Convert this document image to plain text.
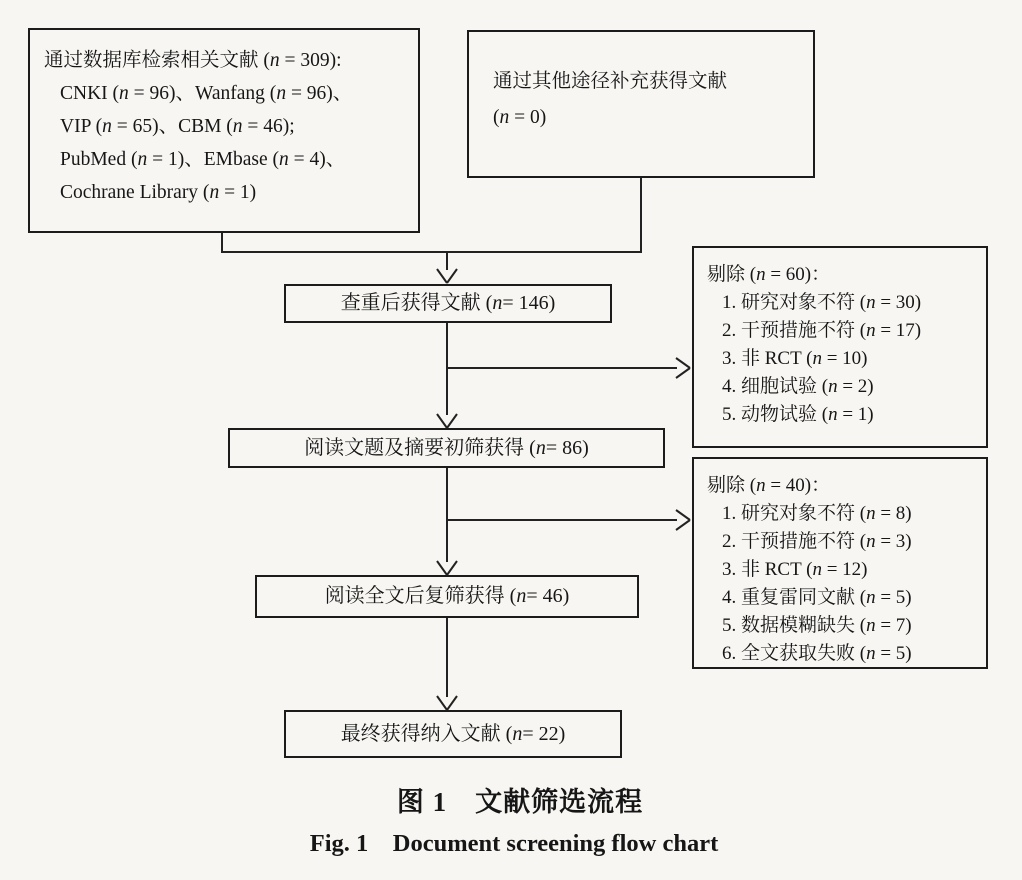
通过数据库检索相关文献 (n = 309):
CNKI (n = 96)、Wanfang (n = 96)、
VIP (n = 65)、CBM (n = 46);
PubMed (n = 1)、EMbase (n = 4)、
Cochrane Library (n = 1)
通过其他途径补充获得文献
(n = 0)
查重后获得文献 ( n = 146)
剔除 (n = 60)：
1. 研究对象不符 (n = 30)
2. 干预措施不符 (n = 17)
3. 非 RCT (n = 10)
4. 细胞试验 (n = 2)
5. 动物试验 (n = 1)
阅读文题及摘要初筛获得 ( n = 86)
剔除 (n = 40)：
1. 研究对象不符 (n = 8)
2. 干预措施不符 (n = 3)
3. 非 RCT (n = 12)
4. 重复雷同文献 (n = 5)
5. 数据模糊缺失 (n = 7)
6. 全文获取失败 (n = 5)
阅读全文后复筛获得 ( n = 46)
最终获得纳入文献 ( n = 22)
图 1　文献筛选流程
Fig. 1　Document screening flow chart
